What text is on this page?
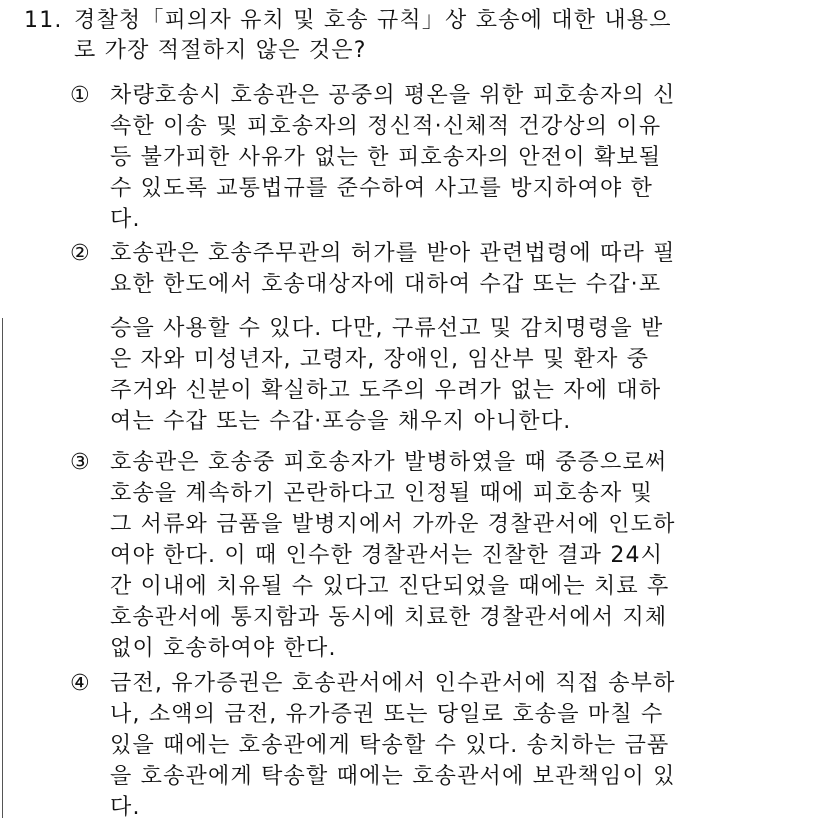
11. 경찰청「피의자 유치 및 호송 규칙」상 호송에 대한 내용으
로 가장 적절하지 않은 것은?
① 차량호송시 호송관은 공중의 평온을 위한 피호송자의 신
속한 이송 및 피호송자의 정신적·신체적 건강상의 이유
등 불가피한 사유가 없는 한 피호송자의 안전이 확보될
수 있도록 교통법규를 준수하여 사고를 방지하여야 한
다.
② 호송관은 호송주무관의 허가를 받아 관련법령에 따라 필
요한 한도에서 호송대상자에 대하여 수갑 또는 수갑·포
승을 사용할 수 있다. 다만, 구류선고 및 감치명령을 받
은 자와 미성년자, 고령자, 장애인, 임산부 및 환자 중
주거와 신분이 확실하고 도주의 우려가 없는 자에 대하
여는 수갑 또는 수갑·포승을 채우지 아니한다.
③ 호송관은 호송중 피호송자가 발병하였을 때 중증으로써
호송을 계속하기 곤란하다고 인정될 때에 피호송자 및
그 서류와 금품을 발병지에서 가까운 경찰관서에 인도하
여야 한다. 이 때 인수한 경찰관서는 진찰한 결과 24시
간 이내에 치유될 수 있다고 진단되었을 때에는 치료 후
호송관서에 통지함과 동시에 치료한 경찰관서에서 지체
없이 호송하여야 한다.
④ 금전, 유가증권은 호송관서에서 인수관서에 직접 송부하
나, 소액의 금전, 유가증권 또는 당일로 호송을 마칠 수
있을 때에는 호송관에게 탁송할 수 있다. 송치하는 금품
을 호송관에게 탁송할 때에는 호송관서에 보관책임이 있
다.
